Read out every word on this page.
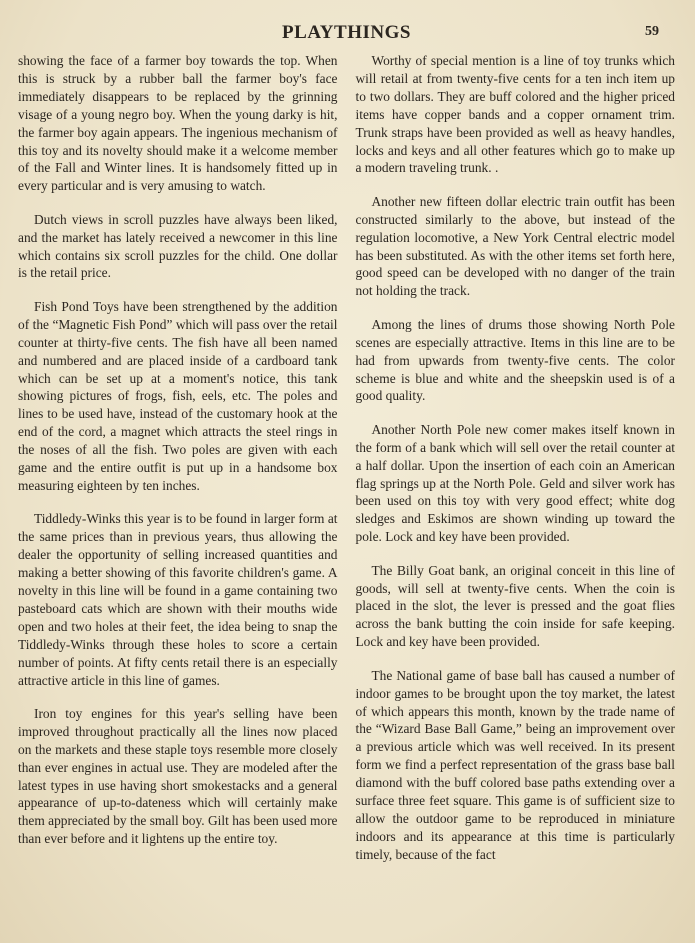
PLAYTHINGS	59

showing the face of a farmer boy towards the top. When this is struck by a rubber ball the farmer boy's face immediately disappears to be replaced by the grinning visage of a young negro boy. When the young darky is hit, the farmer boy again appears. The ingenious mechanism of this toy and its novelty should make it a welcome member of the Fall and Winter lines. It is handsomely fitted up in every particular and is very amusing to watch.

Dutch views in scroll puzzles have always been liked, and the market has lately received a newcomer in this line which contains six scroll puzzles for the child. One dollar is the retail price.

Fish Pond Toys have been strengthened by the addition of the “Magnetic Fish Pond” which will pass over the retail counter at thirty-five cents. The fish have all been named and numbered and are placed inside of a cardboard tank which can be set up at a moment's notice, this tank showing pictures of frogs, fish, eels, etc. The poles and lines to be used have, instead of the customary hook at the end of the cord, a magnet which attracts the steel rings in the noses of all the fish. Two poles are given with each game and the entire outfit is put up in a handsome box measuring eighteen by ten inches.

Tiddledy-Winks this year is to be found in larger form at the same prices than in previous years, thus allowing the dealer the opportunity of selling increased quantities and making a better showing of this favorite children's game. A novelty in this line will be found in a game containing two pasteboard cats which are shown with their mouths wide open and two holes at their feet, the idea being to snap the Tiddledy-Winks through these holes to score a certain number of points. At fifty cents retail there is an especially attractive article in this line of games.

Iron toy engines for this year's selling have been improved throughout practically all the lines now placed on the markets and these staple toys resemble more closely than ever engines in actual use. They are modeled after the latest types in use having short smokestacks and a general appearance of up-to-dateness which will certainly make them appreciated by the small boy. Gilt has been used more than ever before and it lightens up the entire toy.

Worthy of special mention is a line of toy trunks which will retail at from twenty-five cents for a ten inch item up to two dollars. They are buff colored and the higher priced items have copper bands and a copper ornament trim. Trunk straps have been provided as well as heavy handles, locks and keys and all other features which go to make up a modern traveling trunk. .

Another new fifteen dollar electric train outfit has been constructed similarly to the above, but instead of the regulation locomotive, a New York Central electric model has been substituted. As with the other items set forth here, good speed can be developed with no danger of the train not holding the track.

Among the lines of drums those showing North Pole scenes are especially attractive. Items in this line are to be had from upwards from twenty-five cents. The color scheme is blue and white and the sheepskin used is of a good quality.

Another North Pole new comer makes itself known in the form of a bank which will sell over the retail counter at a half dollar. Upon the insertion of each coin an American flag springs up at the North Pole. Geld and silver work has been used on this toy with very good effect; white dog sledges and Eskimos are shown winding up toward the pole. Lock and key have been provided.

The Billy Goat bank, an original conceit in this line of goods, will sell at twenty-five cents. When the coin is placed in the slot, the lever is pressed and the goat flies across the bank butting the coin inside for safe keeping. Lock and key have been provided.

The National game of base ball has caused a number of indoor games to be brought upon the toy market, the latest of which appears this month, known by the trade name of the “Wizard Base Ball Game,” being an improvement over a previous article which was well received. In its present form we find a perfect representation of the grass base ball diamond with the buff colored base paths extending over a surface three feet square. This game is of sufficient size to allow the outdoor game to be reproduced in miniature indoors and its appearance at this time is particularly timely, because of the fact
